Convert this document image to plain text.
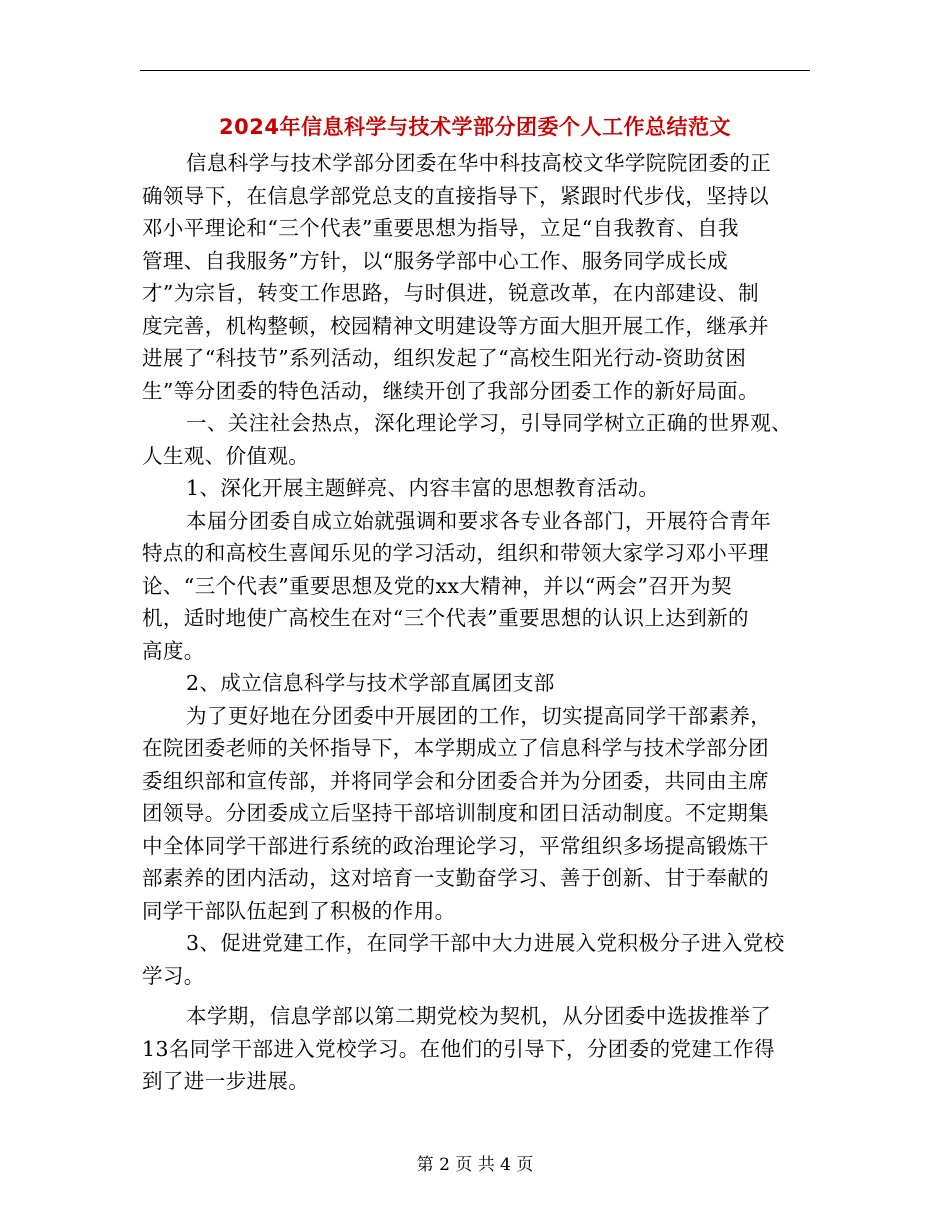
2024年信息科学与技术学部分团委个人工作总结范文
信息科学与技术学部分团委在华中科技高校文华学院院团委的正
确领导下，在信息学部党总支的直接指导下，紧跟时代步伐，坚持以
邓小平理论和“三个代表”重要思想为指导，立足“自我教育、自我
管理、自我服务”方针，以“服务学部中心工作、服务同学成长成
才”为宗旨，转变工作思路，与时俱进，锐意改革，在内部建设、制
度完善，机构整顿，校园精神文明建设等方面大胆开展工作，继承并
进展了“科技节”系列活动，组织发起了“高校生阳光行动-资助贫困
生”等分团委的特色活动，继续开创了我部分团委工作的新好局面。
一、关注社会热点，深化理论学习，引导同学树立正确的世界观、
人生观、价值观。
1、深化开展主题鲜亮、内容丰富的思想教育活动。
本届分团委自成立始就强调和要求各专业各部门，开展符合青年
特点的和高校生喜闻乐见的学习活动，组织和带领大家学习邓小平理
论、“三个代表”重要思想及党的xx大精神，并以“两会”召开为契
机，适时地使广高校生在对“三个代表”重要思想的认识上达到新的
高度。
2、成立信息科学与技术学部直属团支部
为了更好地在分团委中开展团的工作，切实提高同学干部素养，
在院团委老师的关怀指导下，本学期成立了信息科学与技术学部分团
委组织部和宣传部，并将同学会和分团委合并为分团委，共同由主席
团领导。分团委成立后坚持干部培训制度和团日活动制度。不定期集
中全体同学干部进行系统的政治理论学习，平常组织多场提高锻炼干
部素养的团内活动，这对培育一支勤奋学习、善于创新、甘于奉献的
同学干部队伍起到了积极的作用。
3、促进党建工作，在同学干部中大力进展入党积极分子进入党校
学习。
本学期，信息学部以第二期党校为契机，从分团委中选拔推举了
13名同学干部进入党校学习。在他们的引导下，分团委的党建工作得
到了进一步进展。
第 2 页 共 4 页
